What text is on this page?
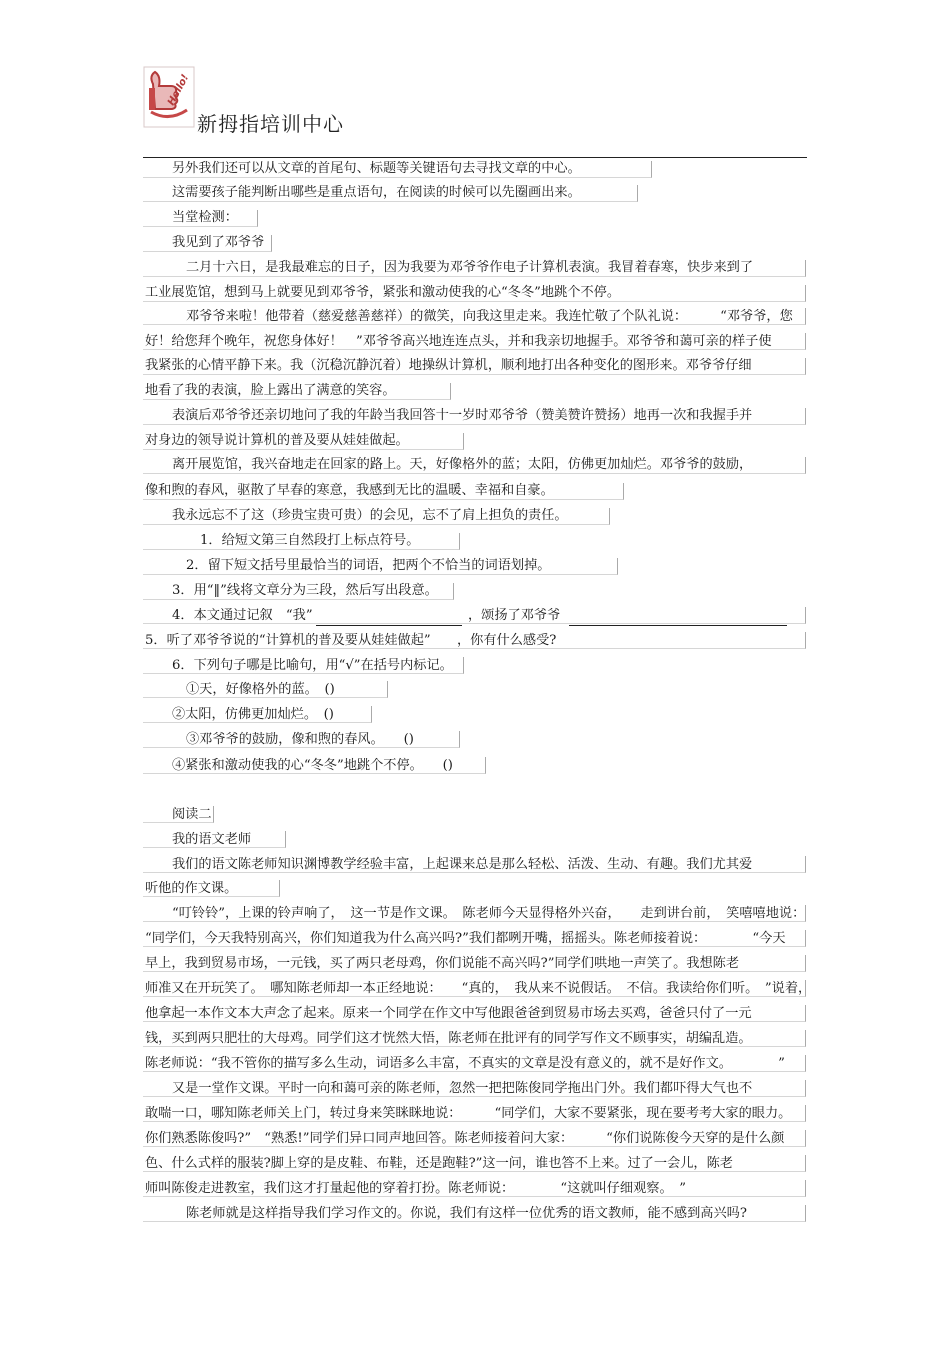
Hello!
新拇指培训中心
另外我们还可以从文章的首尾句、标题等关键语句去寻找文章的中心。
这需要孩子能判断出哪些是重点语句，在阅读的时候可以先圈画出来。
当堂检测：
我见到了邓爷爷
二月十六日，是我最难忘的日子，因为我要为邓爷爷作电子计算机表演。我冒着春寒，快步来到了
工业展览馆，想到马上就要见到邓爷爷，紧张和激动使我的心“冬冬”地跳个不停。
邓爷爷来啦！他带着（慈爱慈善慈祥）的微笑，向我这里走来。我连忙敬了个队礼说：　　　“邓爷爷，您
好！给您拜个晚年，祝您身体好！　”邓爷爷高兴地连连点头，并和我亲切地握手。邓爷爷和蔼可亲的样子使
我紧张的心情平静下来。我（沉稳沉静沉着）地操纵计算机，顺利地打出各种变化的图形来。邓爷爷仔细
地看了我的表演，脸上露出了满意的笑容。
表演后邓爷爷还亲切地问了我的年龄当我回答十一岁时邓爷爷（赞美赞许赞扬）地再一次和我握手并
对身边的领导说计算机的普及要从娃娃做起。
离开展览馆，我兴奋地走在回家的路上。天，好像格外的蓝；太阳，仿佛更加灿烂。邓爷爷的鼓励，
像和煦的春风，驱散了早春的寒意，我感到无比的温暖、幸福和自豪。
我永远忘不了这（珍贵宝贵可贵）的会见，忘不了肩上担负的责任。
1．给短文第三自然段打上标点符号。
2．留下短文括号里最恰当的词语，把两个不恰当的词语划掉。
3．用“‖”线将文章分为三段，然后写出段意。
4．本文通过记叙　“我”	，颂扬了邓爷爷
5．听了邓爷爷说的“计算机的普及要从娃娃做起”　　，你有什么感受?
6．下列句子哪是比喻句，用“√”在括号内标记。
①天，好像格外的蓝。　()
②太阳，仿佛更加灿烂。　()
③邓爷爷的鼓励，像和煦的春风。　　()
④紧张和激动使我的心“冬冬”地跳个不停。　　()
阅读二
我的语文老师
我们的语文陈老师知识渊博教学经验丰富，上起课来总是那么轻松、活泼、生动、有趣。我们尤其爱
听他的作文课。
“叮铃铃”，上课的铃声响了，　这一节是作文课。　陈老师今天显得格外兴奋，　　走到讲台前，　笑嘻嘻地说：
“同学们，今天我特别高兴，你们知道我为什么高兴吗?”我们都咧开嘴，摇摇头。陈老师接着说：　　　　“今天
早上，我到贸易市场，一元钱，买了两只老母鸡，你们说能不高兴吗?”同学们哄地一声笑了。我想陈老
师准又在开玩笑了。　哪知陈老师却一本正经地说：　　“真的，　我从来不说假话。　不信。我读给你们听。　”说着，
他拿起一本作文本大声念了起来。原来一个同学在作文中写他跟爸爸到贸易市场去买鸡，爸爸只付了一元
钱，买到两只肥壮的大母鸡。同学们这才恍然大悟，陈老师在批评有的同学写作文不顾事实，胡编乱造。
陈老师说：“我不管你的描写多么生动，词语多么丰富，不真实的文章是没有意义的，就不是好作文。　　　　”
又是一堂作文课。平时一向和蔼可亲的陈老师，忽然一把把陈俊同学拖出门外。我们都吓得大气也不
敢喘一口，哪知陈老师关上门，转过身来笑眯眯地说：　　　“同学们，大家不要紧张，现在要考考大家的眼力。
你们熟悉陈俊吗?”　“熟悉!”同学们异口同声地回答。陈老师接着问大家：　　　“你们说陈俊今天穿的是什么颜
色、什么式样的服装?脚上穿的是皮鞋、布鞋，还是跑鞋?”这一问，谁也答不上来。过了一会儿，陈老
师叫陈俊走进教室，我们这才打量起他的穿着打扮。陈老师说：　　　　“这就叫仔细观察。　”
陈老师就是这样指导我们学习作文的。你说，我们有这样一位优秀的语文教师，能不感到高兴吗?
